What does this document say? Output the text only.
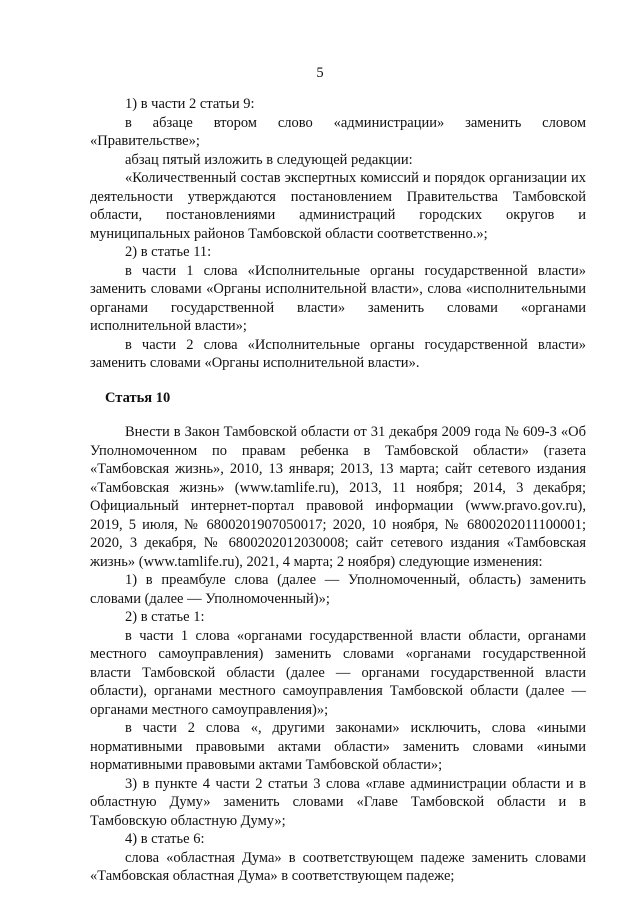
5

1) в части 2 статьи 9:

в абзаце втором слово «администрации» заменить словом «Правительстве»;

абзац пятый изложить в следующей редакции:

«Количественный состав экспертных комиссий и порядок организации их деятельности утверждаются постановлением Правительства Тамбовской области, постановлениями администраций городских округов и муниципальных районов Тамбовской области соответственно.»;

2) в статье 11:

в части 1 слова «Исполнительные органы государственной власти» заменить словами «Органы исполнительной власти», слова «исполнительными органами государственной власти» заменить словами «органами исполнительной власти»;

в части 2 слова «Исполнительные органы государственной власти» заменить словами «Органы исполнительной власти».

Статья 10

Внести в Закон Тамбовской области от 31 декабря 2009 года № 609-З «Об Уполномоченном по правам ребенка в Тамбовской области» (газета «Тамбовская жизнь», 2010, 13 января; 2013, 13 марта; сайт сетевого издания «Тамбовская жизнь» (www.tamlife.ru), 2013, 11 ноября; 2014, 3 декабря; Официальный интернет-портал правовой информации (www.pravo.gov.ru), 2019, 5 июля, № 6800201907050017; 2020, 10 ноября, № 6800202011100001; 2020, 3 декабря, № 6800202012030008; сайт сетевого издания «Тамбовская жизнь» (www.tamlife.ru), 2021, 4 марта; 2 ноября) следующие изменения:

1) в преамбуле слова (далее — Уполномоченный, область) заменить словами (далее — Уполномоченный)»;

2) в статье 1:

в части 1 слова «органами государственной власти области, органами местного самоуправления) заменить словами «органами государственной власти Тамбовской области (далее — органами государственной власти области), органами местного самоуправления Тамбовской области (далее — органами местного самоуправления)»;

в части 2 слова «, другими законами» исключить, слова «иными нормативными правовыми актами области» заменить словами «иными нормативными правовыми актами Тамбовской области»;

3) в пункте 4 части 2 статьи 3 слова «главе администрации области и в областную Думу» заменить словами «Главе Тамбовской области и в Тамбовскую областную Думу»;

4) в статье 6:

слова «областная Дума» в соответствующем падеже заменить словами «Тамбовская областная Дума» в соответствующем падеже;
